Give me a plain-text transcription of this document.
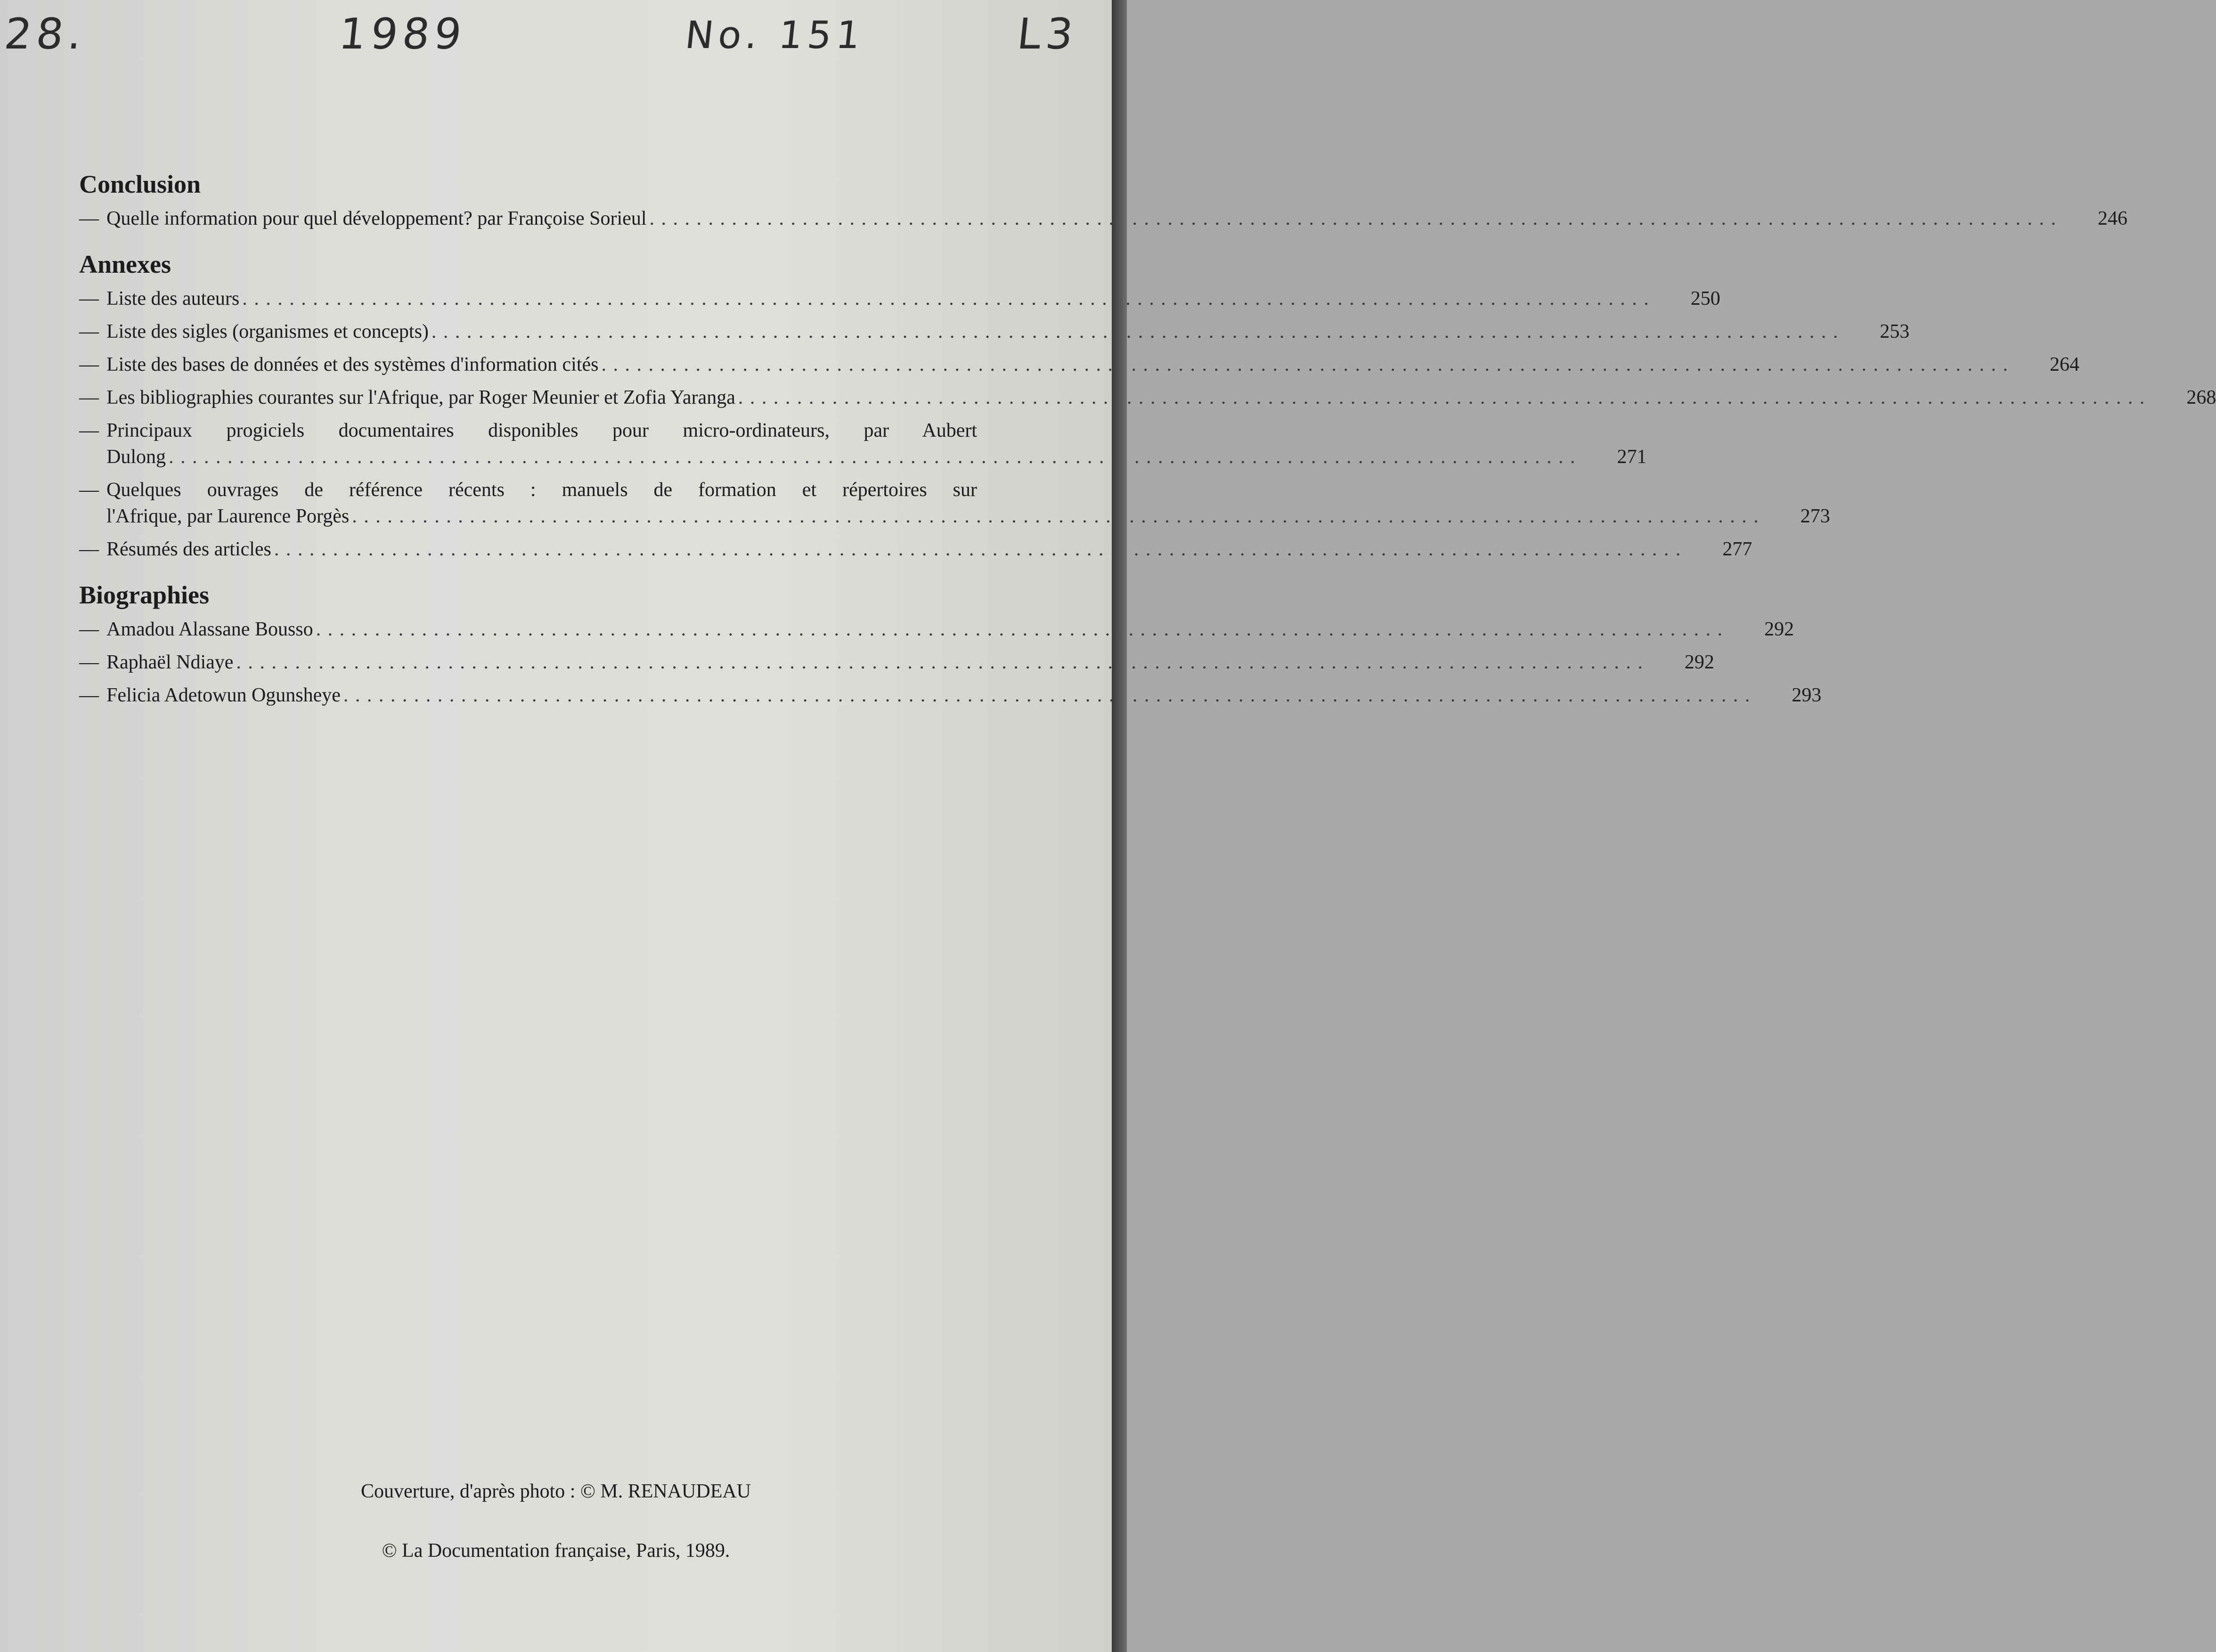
28.	1989	No. 151	L3
Conclusion
— Quelle information pour quel développement? par Françoise Sorieul . . .	246
Annexes
— Liste des auteurs . . .	250
— Liste des sigles (organismes et concepts) . . .	253
— Liste des bases de données et des systèmes d'information cités . . .	264
— Les bibliographies courantes sur l'Afrique, par Roger Meunier et Zofia Yaranga . . .	268
— Principaux progiciels documentaires disponibles pour micro-ordinateurs, par Aubert
Dulong . . .	271
— Quelques ouvrages de référence récents : manuels de formation et répertoires sur
l'Afrique, par Laurence Porgès . . .	273
— Résumés des articles . . .	277
Biographies
— Amadou Alassane Bousso . . .	292
— Raphaël Ndiaye . . .	292
— Felicia Adetowun Ogunsheye . . .	293
Couverture, d'après photo : © M. RENAUDEAU
© La Documentation française, Paris, 1989.
